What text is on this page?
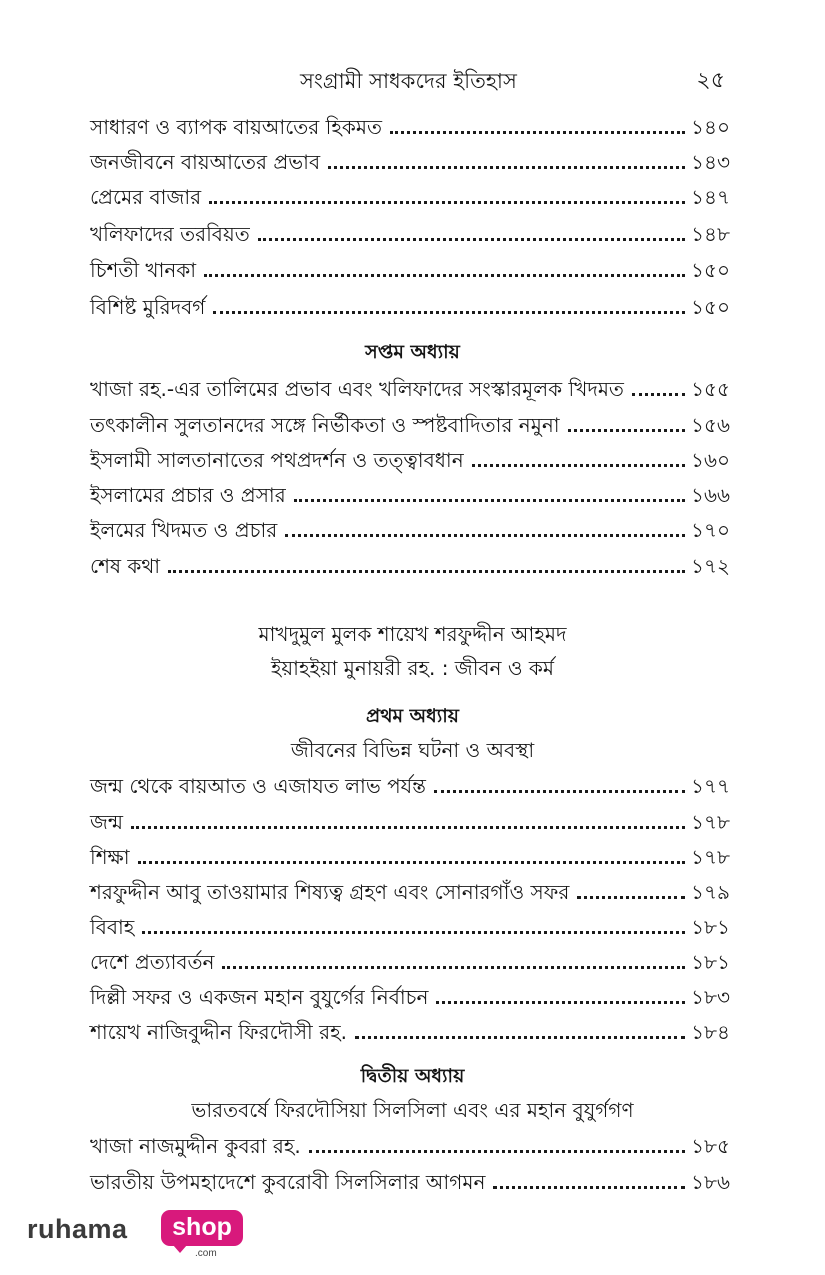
সংগ্রামী সাধকদের ইতিহাস	২৫
সাধারণ ও ব্যাপক বায়আতের হিকমত	১৪০
জনজীবনে বায়আতের প্রভাব	১৪৩
প্রেমের বাজার	১৪৭
খলিফাদের তরবিয়ত	১৪৮
চিশতী খানকা	১৫০
বিশিষ্ট মুরিদবর্গ	১৫০
সপ্তম অধ্যায়
খাজা রহ.-এর তালিমের প্রভাব এবং খলিফাদের সংস্কারমূলক খিদমত	১৫৫
তৎকালীন সুলতানদের সঙ্গে নির্ভীকতা ও স্পষ্টবাদিতার নমুনা	১৫৬
ইসলামী সালতানাতের পথপ্রদর্শন ও তত্ত্বাবধান	১৬০
ইসলামের প্রচার ও প্রসার	১৬৬
ইলমের খিদমত ও প্রচার	১৭০
শেষ কথা	১৭২
মাখদুমুল মুলক শায়েখ শরফুদ্দীন আহমদ
ইয়াহইয়া মুনায়রী রহ. : জীবন ও কর্ম
প্রথম অধ্যায়
জীবনের বিভিন্ন ঘটনা ও অবস্থা
জন্ম থেকে বায়আত ও এজাযত লাভ পর্যন্ত	১৭৭
জন্ম	১৭৮
শিক্ষা	১৭৮
শরফুদ্দীন আবু তাওয়ামার শিষ্যত্ব গ্রহণ এবং সোনারগাঁও সফর	১৭৯
বিবাহ	১৮১
দেশে প্রত্যাবর্তন	১৮১
দিল্লী সফর ও একজন মহান বুযুর্গের নির্বাচন	১৮৩
শায়েখ নাজিবুদ্দীন ফিরদৌসী রহ.	১৮৪
দ্বিতীয় অধ্যায়
ভারতবর্ষে ফিরদৌসিয়া সিলসিলা এবং এর মহান বুযুর্গগণ
খাজা নাজমুদ্দীন কুবরা রহ.	১৮৫
ভারতীয় উপমহাদেশে কুবরোবী সিলসিলার আগমন	১৮৬
ruhama	shop
.com
